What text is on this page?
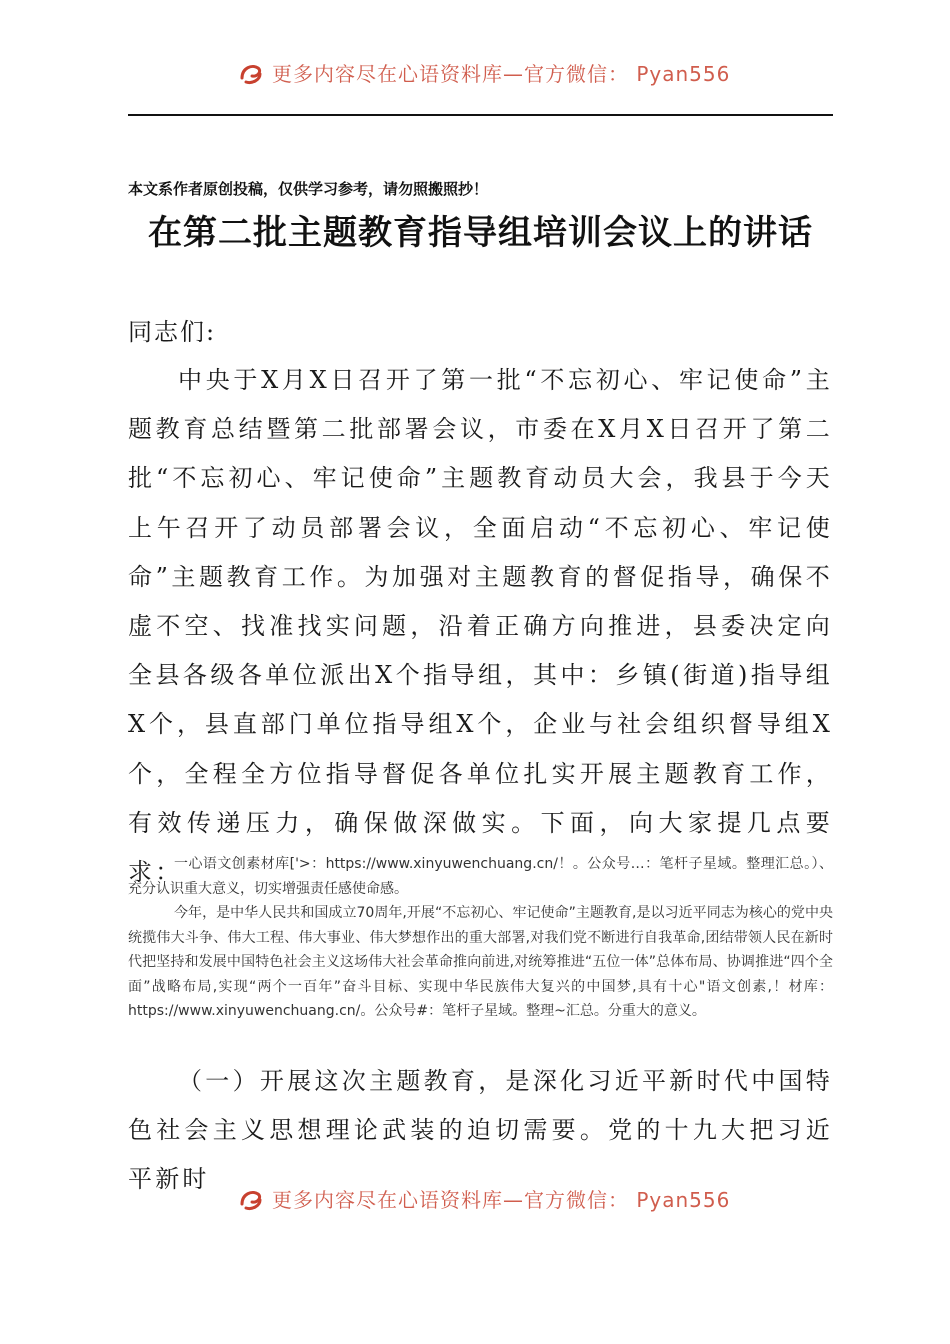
更多内容尽在心语资料库—官方微信： Pyan556
本文系作者原创投稿，仅供学习参考，请勿照搬照抄！
在第二批主题教育指导组培训会议上的讲话
同志们:

中央于X月X日召开了第一批“不忘初心、牢记使命”主题教育总结暨第二批部署会议，市委在X月X日召开了第二批“不忘初心、牢记使命”主题教育动员大会，我县于今天上午召开了动员部署会议，全面启动“不忘初心、牢记使命”主题教育工作。为加强对主题教育的督促指导，确保不虚不空、找准找实问题，沿着正确方向推进，县委决定向全县各级各单位派出X个指导组，其中：乡镇(街道)指导组X个，县直部门单位指导组X个，企业与社会组织督导组X个，全程全方位指导督促各单位扎实开展主题教育工作，有效传递压力，确保做深做实。下面，向大家提几点要求：

一心语文创素材库['>：https://www.xinyuwenchuang.cn/！。公众号…：笔杆子星域。整理汇总。）、充分认识重大意义，切实增强责任感使命感。

今年，是中华人民共和国成立70周年,开展“不忘初心、牢记使命”主题教育,是以习近平同志为核心的党中央统揽伟大斗争、伟大工程、伟大事业、伟大梦想作出的重大部署,对我们党不断进行自我革命,团结带领人民在新时代把坚持和发展中国特色社会主义这场伟大社会革命推向前进,对统筹推进“五位一体”总体布局、协调推进“四个全面”战略布局,实现“两个一百年”奋斗目标、实现中华民族伟大复兴的中国梦,具有十心"语文创素,！材库：https://www.xinyuwenchuang.cn/。公众号#：笔杆子星域。整理~汇总。分重大的意义。

（一）开展这次主题教育，是深化习近平新时代中国特色社会主义思想理论武装的迫切需要。党的十九大把习近平新时

更多内容尽在心语资料库—官方微信： Pyan556
